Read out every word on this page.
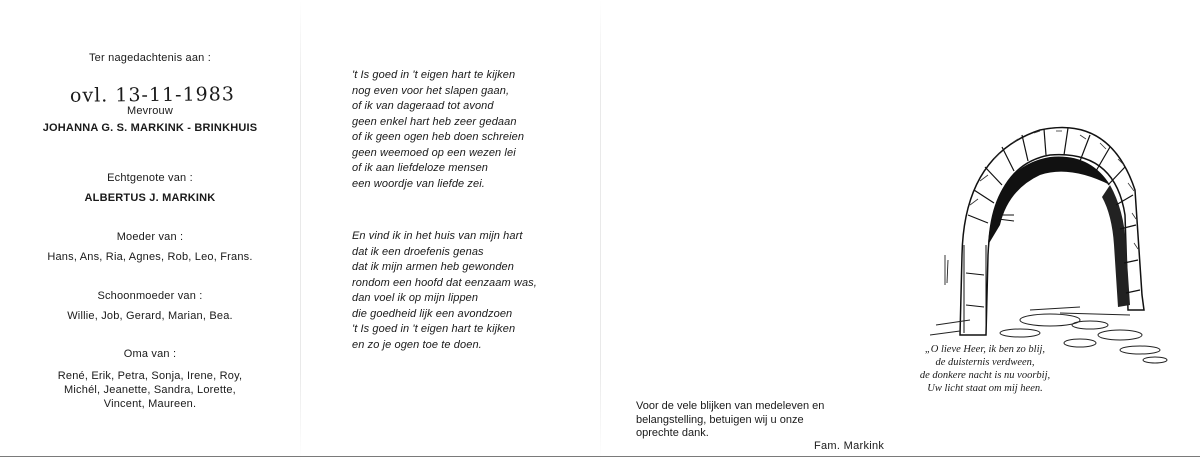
Ter nagedachtenis aan :
ovl. 13-11-1983
Mevrouw
JOHANNA G. S. MARKINK - BRINKHUIS
Echtgenote van :
ALBERTUS J. MARKINK
Moeder van :
Hans, Ans, Ria, Agnes, Rob, Leo, Frans.
Schoonmoeder van :
Willie, Job, Gerard, Marian, Bea.
Oma van :
René, Erik, Petra, Sonja, Irene, Roy,
Michél, Jeanette, Sandra, Lorette,
Vincent, Maureen.
't Is goed in 't eigen hart te kijken
nog even voor het slapen gaan,
of ik van dageraad tot avond
geen enkel hart heb zeer gedaan
of ik geen ogen heb doen schreien
geen weemoed op een wezen lei
of ik aan liefdeloze mensen
een woordje van liefde zei.
En vind ik in het huis van mijn hart
dat ik een droefenis genas
dat ik mijn armen heb gewonden
rondom een hoofd dat eenzaam was,
dan voel ik op mijn lippen
die goedheid lijk een avondzoen
't Is goed in 't eigen hart te kijken
en zo je ogen toe te doen.	„O lieve Heer, ik ben zo blij,
de duisternis verdween,
de donkere nacht is nu voorbij,
Uw licht staat om mij heen.
Voor de vele blijken van medeleven en
belangstelling, betuigen wij u onze
oprechte dank.
Fam. Markink
